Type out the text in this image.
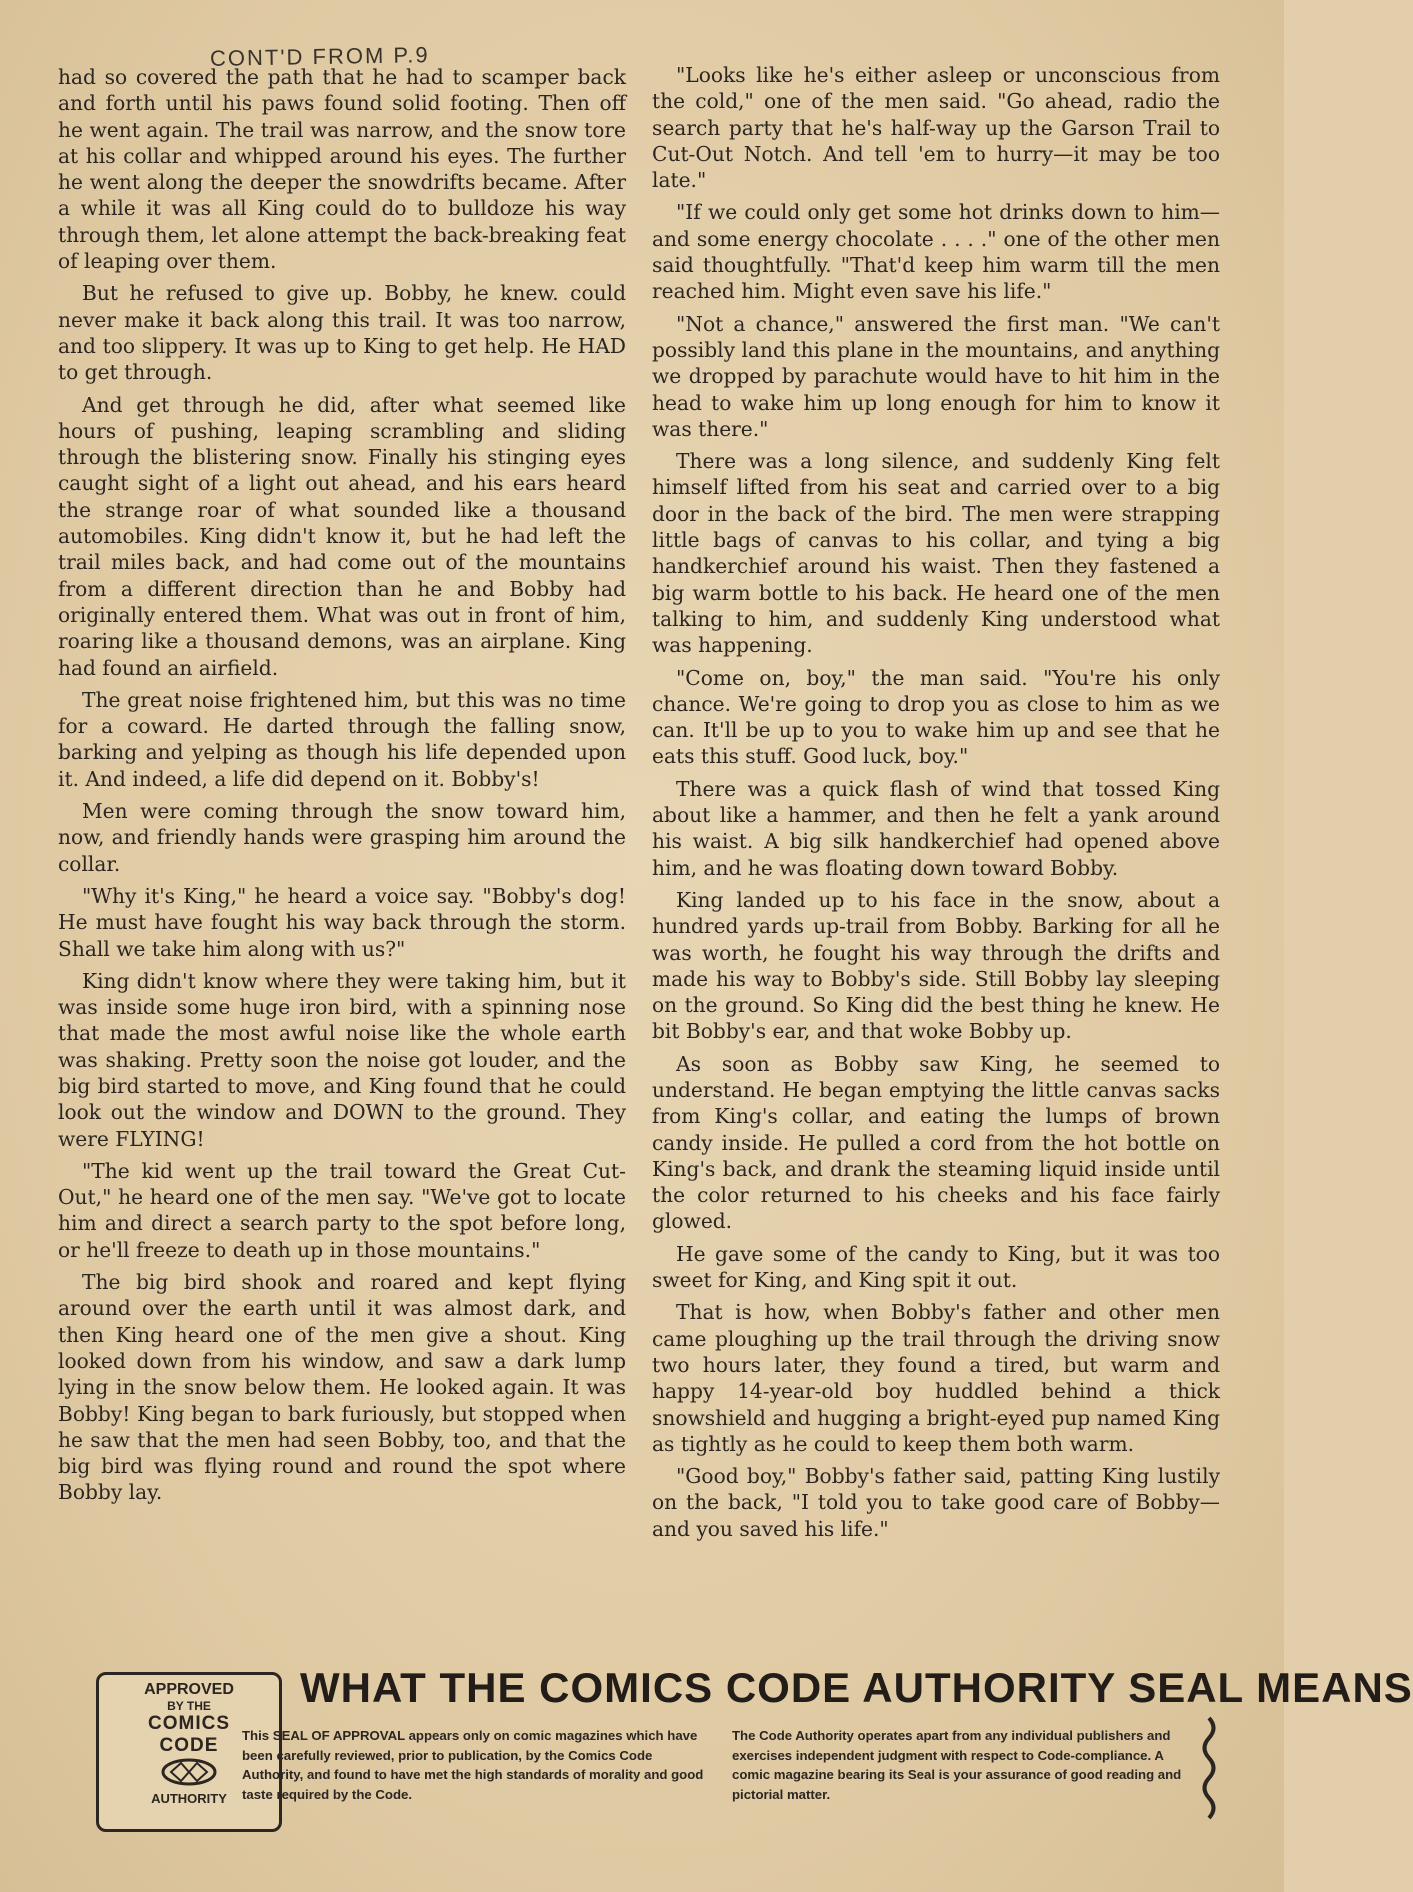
CONT'D FROM P.9

had so covered the path that he had to scamper back and forth until his paws found solid footing. Then off he went again. The trail was narrow, and the snow tore at his collar and whipped around his eyes. The further he went along the deeper the snowdrifts became. After a while it was all King could do to bulldoze his way through them, let alone attempt the back-breaking feat of leaping over them.

But he refused to give up. Bobby, he knew. could never make it back along this trail. It was too narrow, and too slippery. It was up to King to get help. He HAD to get through.

And get through he did, after what seemed like hours of pushing, leaping scrambling and sliding through the blistering snow. Finally his stinging eyes caught sight of a light out ahead, and his ears heard the strange roar of what sounded like a thousand automobiles. King didn't know it, but he had left the trail miles back, and had come out of the mountains from a different direction than he and Bobby had originally entered them. What was out in front of him, roaring like a thousand demons, was an airplane. King had found an airfield.

The great noise frightened him, but this was no time for a coward. He darted through the falling snow, barking and yelping as though his life depended upon it. And indeed, a life did depend on it. Bobby's!

Men were coming through the snow toward him, now, and friendly hands were grasping him around the collar.

"Why it's King," he heard a voice say. "Bobby's dog! He must have fought his way back through the storm. Shall we take him along with us?"

King didn't know where they were taking him, but it was inside some huge iron bird, with a spinning nose that made the most awful noise like the whole earth was shaking. Pretty soon the noise got louder, and the big bird started to move, and King found that he could look out the window and DOWN to the ground. They were FLYING!

"The kid went up the trail toward the Great Cut-Out," he heard one of the men say. "We've got to locate him and direct a search party to the spot before long, or he'll freeze to death up in those mountains."

The big bird shook and roared and kept flying around over the earth until it was almost dark, and then King heard one of the men give a shout. King looked down from his window, and saw a dark lump lying in the snow below them. He looked again. It was Bobby! King began to bark furiously, but stopped when he saw that the men had seen Bobby, too, and that the big bird was flying round and round the spot where Bobby lay.

"Looks like he's either asleep or unconscious from the cold," one of the men said. "Go ahead, radio the search party that he's half-way up the Garson Trail to Cut-Out Notch. And tell 'em to hurry—it may be too late."

"If we could only get some hot drinks down to him—and some energy chocolate . . . ." one of the other men said thoughtfully. "That'd keep him warm till the men reached him. Might even save his life."

"Not a chance," answered the first man. "We can't possibly land this plane in the mountains, and anything we dropped by parachute would have to hit him in the head to wake him up long enough for him to know it was there."

There was a long silence, and suddenly King felt himself lifted from his seat and carried over to a big door in the back of the bird. The men were strapping little bags of canvas to his collar, and tying a big handkerchief around his waist. Then they fastened a big warm bottle to his back. He heard one of the men talking to him, and suddenly King understood what was happening.

"Come on, boy," the man said. "You're his only chance. We're going to drop you as close to him as we can. It'll be up to you to wake him up and see that he eats this stuff. Good luck, boy."

There was a quick flash of wind that tossed King about like a hammer, and then he felt a yank around his waist. A big silk handkerchief had opened above him, and he was floating down toward Bobby.

King landed up to his face in the snow, about a hundred yards up-trail from Bobby. Barking for all he was worth, he fought his way through the drifts and made his way to Bobby's side. Still Bobby lay sleeping on the ground. So King did the best thing he knew. He bit Bobby's ear, and that woke Bobby up.

As soon as Bobby saw King, he seemed to understand. He began emptying the little canvas sacks from King's collar, and eating the lumps of brown candy inside. He pulled a cord from the hot bottle on King's back, and drank the steaming liquid inside until the color returned to his cheeks and his face fairly glowed.

He gave some of the candy to King, but it was too sweet for King, and King spit it out.

That is how, when Bobby's father and other men came ploughing up the trail through the driving snow two hours later, they found a tired, but warm and happy 14-year-old boy huddled behind a thick snowshield and hugging a bright-eyed pup named King as tightly as he could to keep them both warm.

"Good boy," Bobby's father said, patting King lustily on the back, "I told you to take good care of Bobby—and you saved his life."

APPROVED
BY THE
COMICS
CODE
AUTHORITY
WHAT THE COMICS CODE AUTHORITY SEAL MEANS
This SEAL OF APPROVAL appears only on comic magazines which have been carefully reviewed, prior to publication, by the Comics Code Authority, and found to have met the high standards of morality and good taste required by the Code.
The Code Authority operates apart from any individual publishers and exercises independent judgment with respect to Code-compliance. A comic magazine bearing its Seal is your assurance of good reading and pictorial matter.
